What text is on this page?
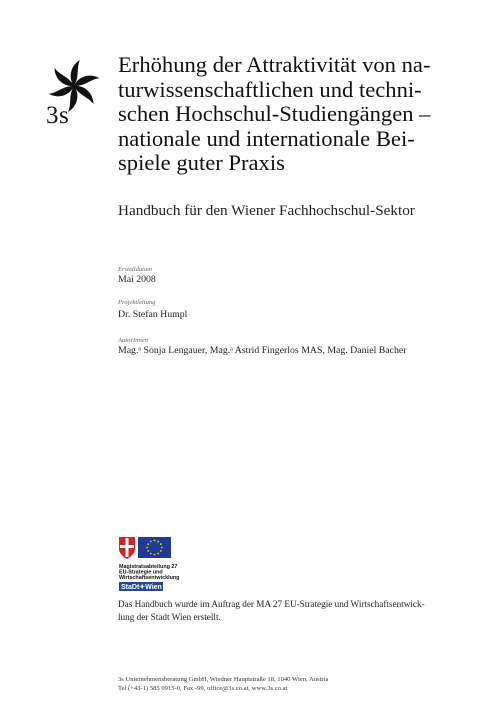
3s
Erhöhung der Attraktivität von na-
turwissenschaftlichen und techni-
schen Hochschul-Studiengängen –
nationale und internationale Bei-
spiele guter Praxis
Handbuch für den Wiener Fachhochschul-Sektor
Erstelldatum
Mai 2008
Projektleitung
Dr. Stefan Humpl
AutorInnen
Mag.ᵃ Sonja Lengauer, Mag.ᵃ Astrid Fingerlos MAS, Mag. Daniel Bacher
Magistratsabteilung 27
EU-Strategie und
Wirtschaftsentwicklung
StaDt✦Wien
Das Handbuch wurde im Auftrag der MA 27 EU-Strategie und Wirtschaftsentwick-
lung der Stadt Wien erstellt.
3s Unternehmensberatung GmbH, Wiedner Hauptstraße 18, 1040 Wien, Austria
Tel (+43-1) 585 0915-0, Fax -99, office@3s.co.at, www.3s.co.at
